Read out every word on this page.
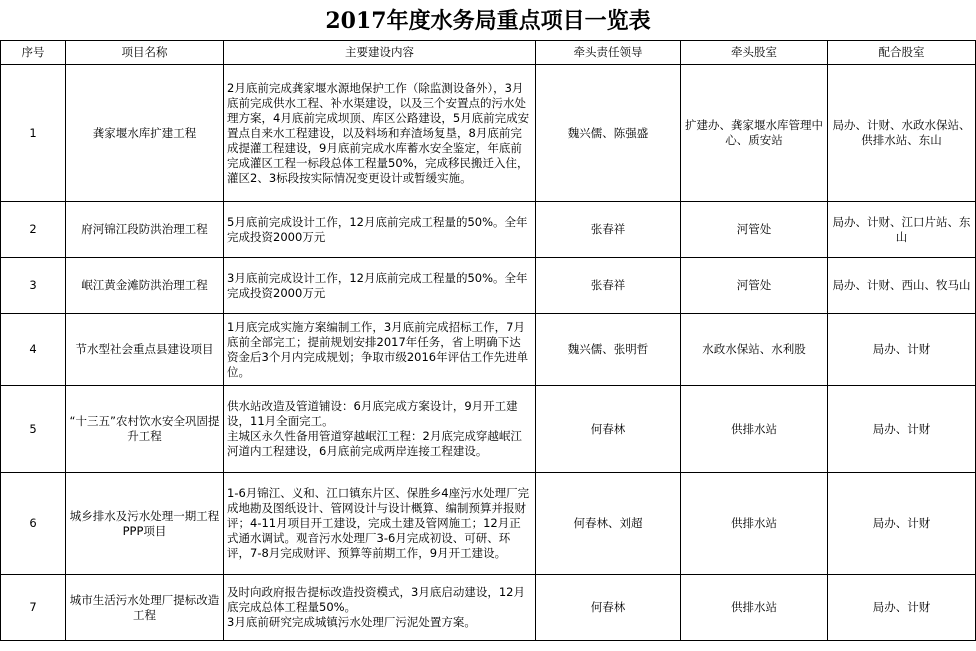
2017年度水务局重点项目一览表
序号	项目名称	主要建设内容	牵头责任领导	牵头股室	配合股室
1	龚家堰水库扩建工程	2月底前完成龚家堰水源地保护工作（除监测设备外），3月底前完成供水工程、补水渠建设，以及三个安置点的污水处理方案，4月底前完成坝顶、库区公路建设，5月底前完成安置点自来水工程建设，以及料场和弃渣场复垦，8月底前完成提灌工程建设，9月底前完成水库蓄水安全鉴定，年底前完成灌区工程一标段总体工程量50%，完成移民搬迁入住，灌区2、3标段按实际情况变更设计或暂缓实施。	魏兴儒、陈强盛	扩建办、龚家堰水库管理中心、质安站	局办、计财、水政水保站、供排水站、东山
2	府河锦江段防洪治理工程	5月底前完成设计工作，12月底前完成工程量的50%。全年完成投资2000万元	张春祥	河管处	局办、计财、江口片站、东山
3	岷江黄金滩防洪治理工程	3月底前完成设计工作，12月底前完成工程量的50%。全年完成投资2000万元	张春祥	河管处	局办、计财、西山、牧马山
4	节水型社会重点县建设项目	1月底完成实施方案编制工作，3月底前完成招标工作，7月底前全部完工；提前规划安排2017年任务，省上明确下达资金后3个月内完成规划；争取市级2016年评估工作先进单位。	魏兴儒、张明哲	水政水保站、水利股	局办、计财
5	“十三五”农村饮水安全巩固提升工程	供水站改造及管道铺设：6月底完成方案设计，9月开工建设，11月全面完工。
主城区永久性备用管道穿越岷江工程：2月底完成穿越岷江河道内工程建设，6月底前完成两岸连接工程建设。	何春林	供排水站	局办、计财
6	城乡排水及污水处理一期工程PPP项目	1-6月锦江、义和、江口镇东片区、保胜乡4座污水处理厂完成地勘及图纸设计、管网设计与设计概算、编制预算并报财评；4-11月项目开工建设，完成土建及管网施工；12月正式通水调试。观音污水处理厂3-6月完成初设、可研、环评，7-8月完成财评、预算等前期工作，9月开工建设。	何春林、刘超	供排水站	局办、计财
7	城市生活污水处理厂提标改造工程	及时向政府报告提标改造投资模式，3月底启动建设，12月底完成总体工程量50%。
3月底前研究完成城镇污水处理厂污泥处置方案。	何春林	供排水站	局办、计财
